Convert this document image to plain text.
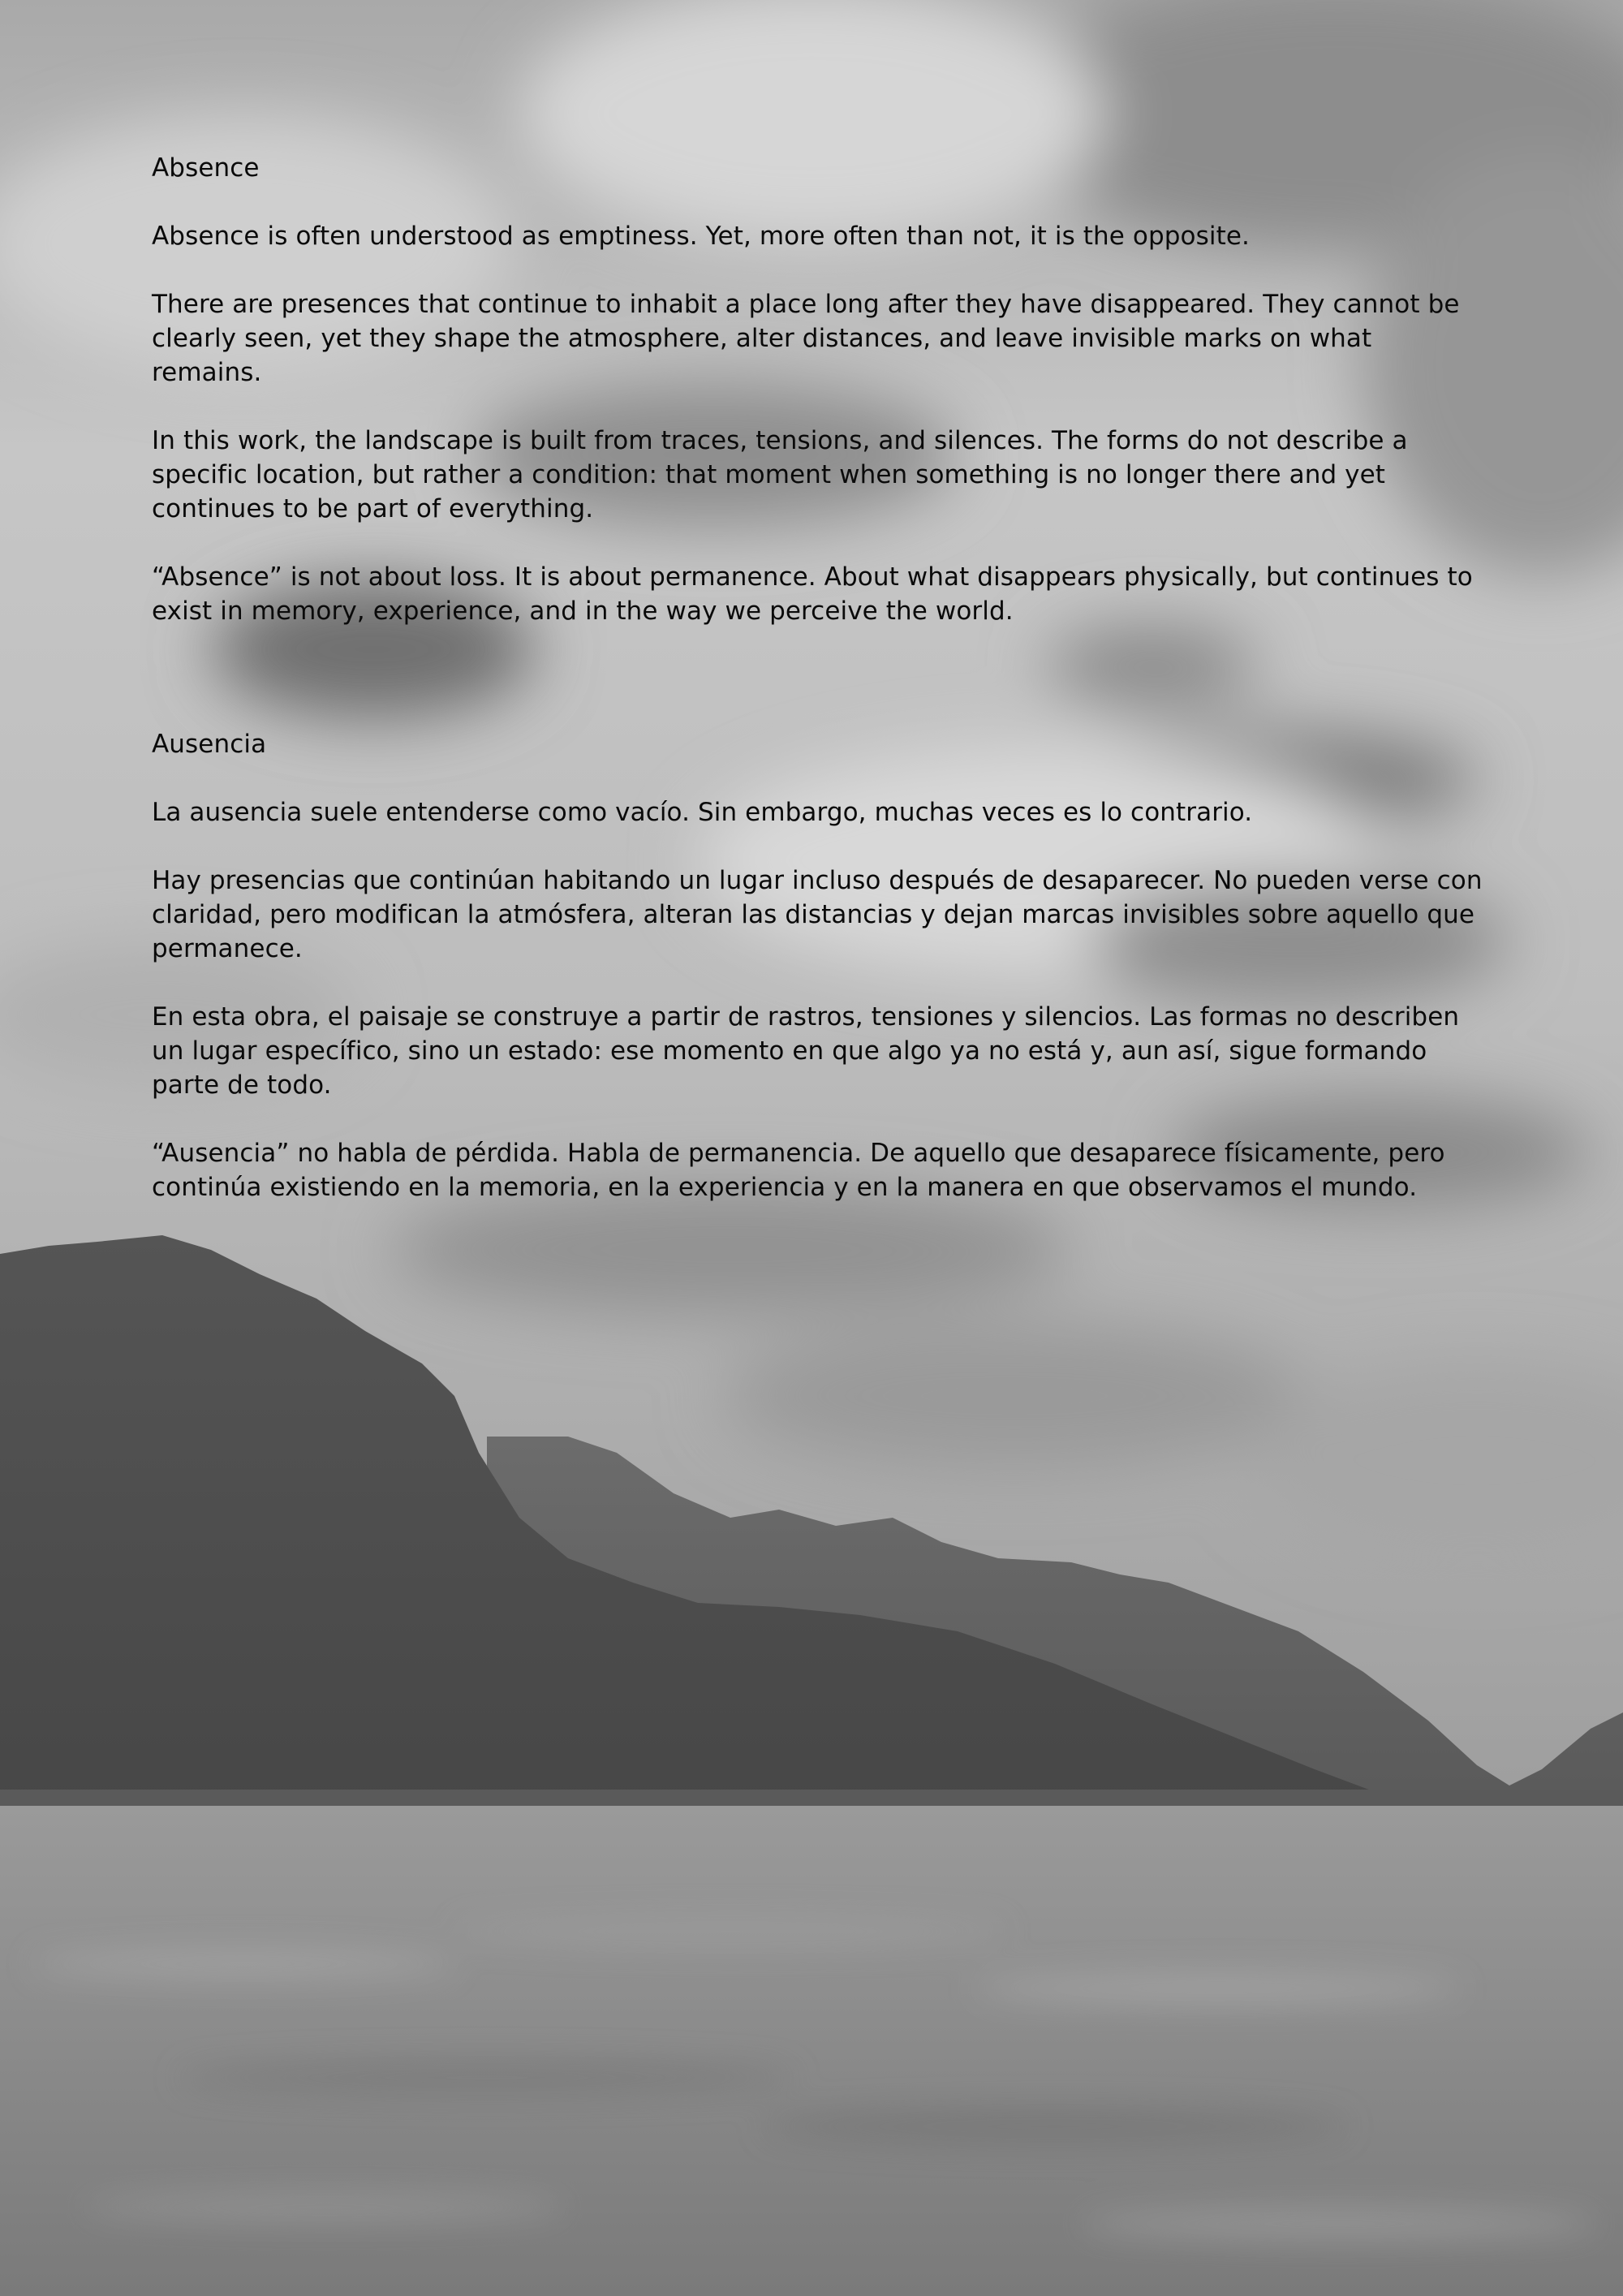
Absence

Absence is often understood as emptiness. Yet, more often than not, it is the opposite.

There are presences that continue to inhabit a place long after they have disappeared. They cannot be clearly seen, yet they shape the atmosphere, alter distances, and leave invisible marks on what remains.

In this work, the landscape is built from traces, tensions, and silences. The forms do not describe a specific location, but rather a condition: that moment when something is no longer there and yet continues to be part of everything.

“Absence” is not about loss. It is about permanence. About what disappears physically, but continues to exist in memory, experience, and in the way we perceive the world.

Ausencia

La ausencia suele entenderse como vacío. Sin embargo, muchas veces es lo contrario.

Hay presencias que continúan habitando un lugar incluso después de desaparecer. No pueden verse con claridad, pero modifican la atmósfera, alteran las distancias y dejan marcas invisibles sobre aquello que permanece.

En esta obra, el paisaje se construye a partir de rastros, tensiones y silencios. Las formas no describen un lugar específico, sino un estado: ese momento en que algo ya no está y, aun así, sigue formando parte de todo.

“Ausencia” no habla de pérdida. Habla de permanencia. De aquello que desaparece físicamente, pero continúa existiendo en la memoria, en la experiencia y en la manera en que observamos el mundo.
